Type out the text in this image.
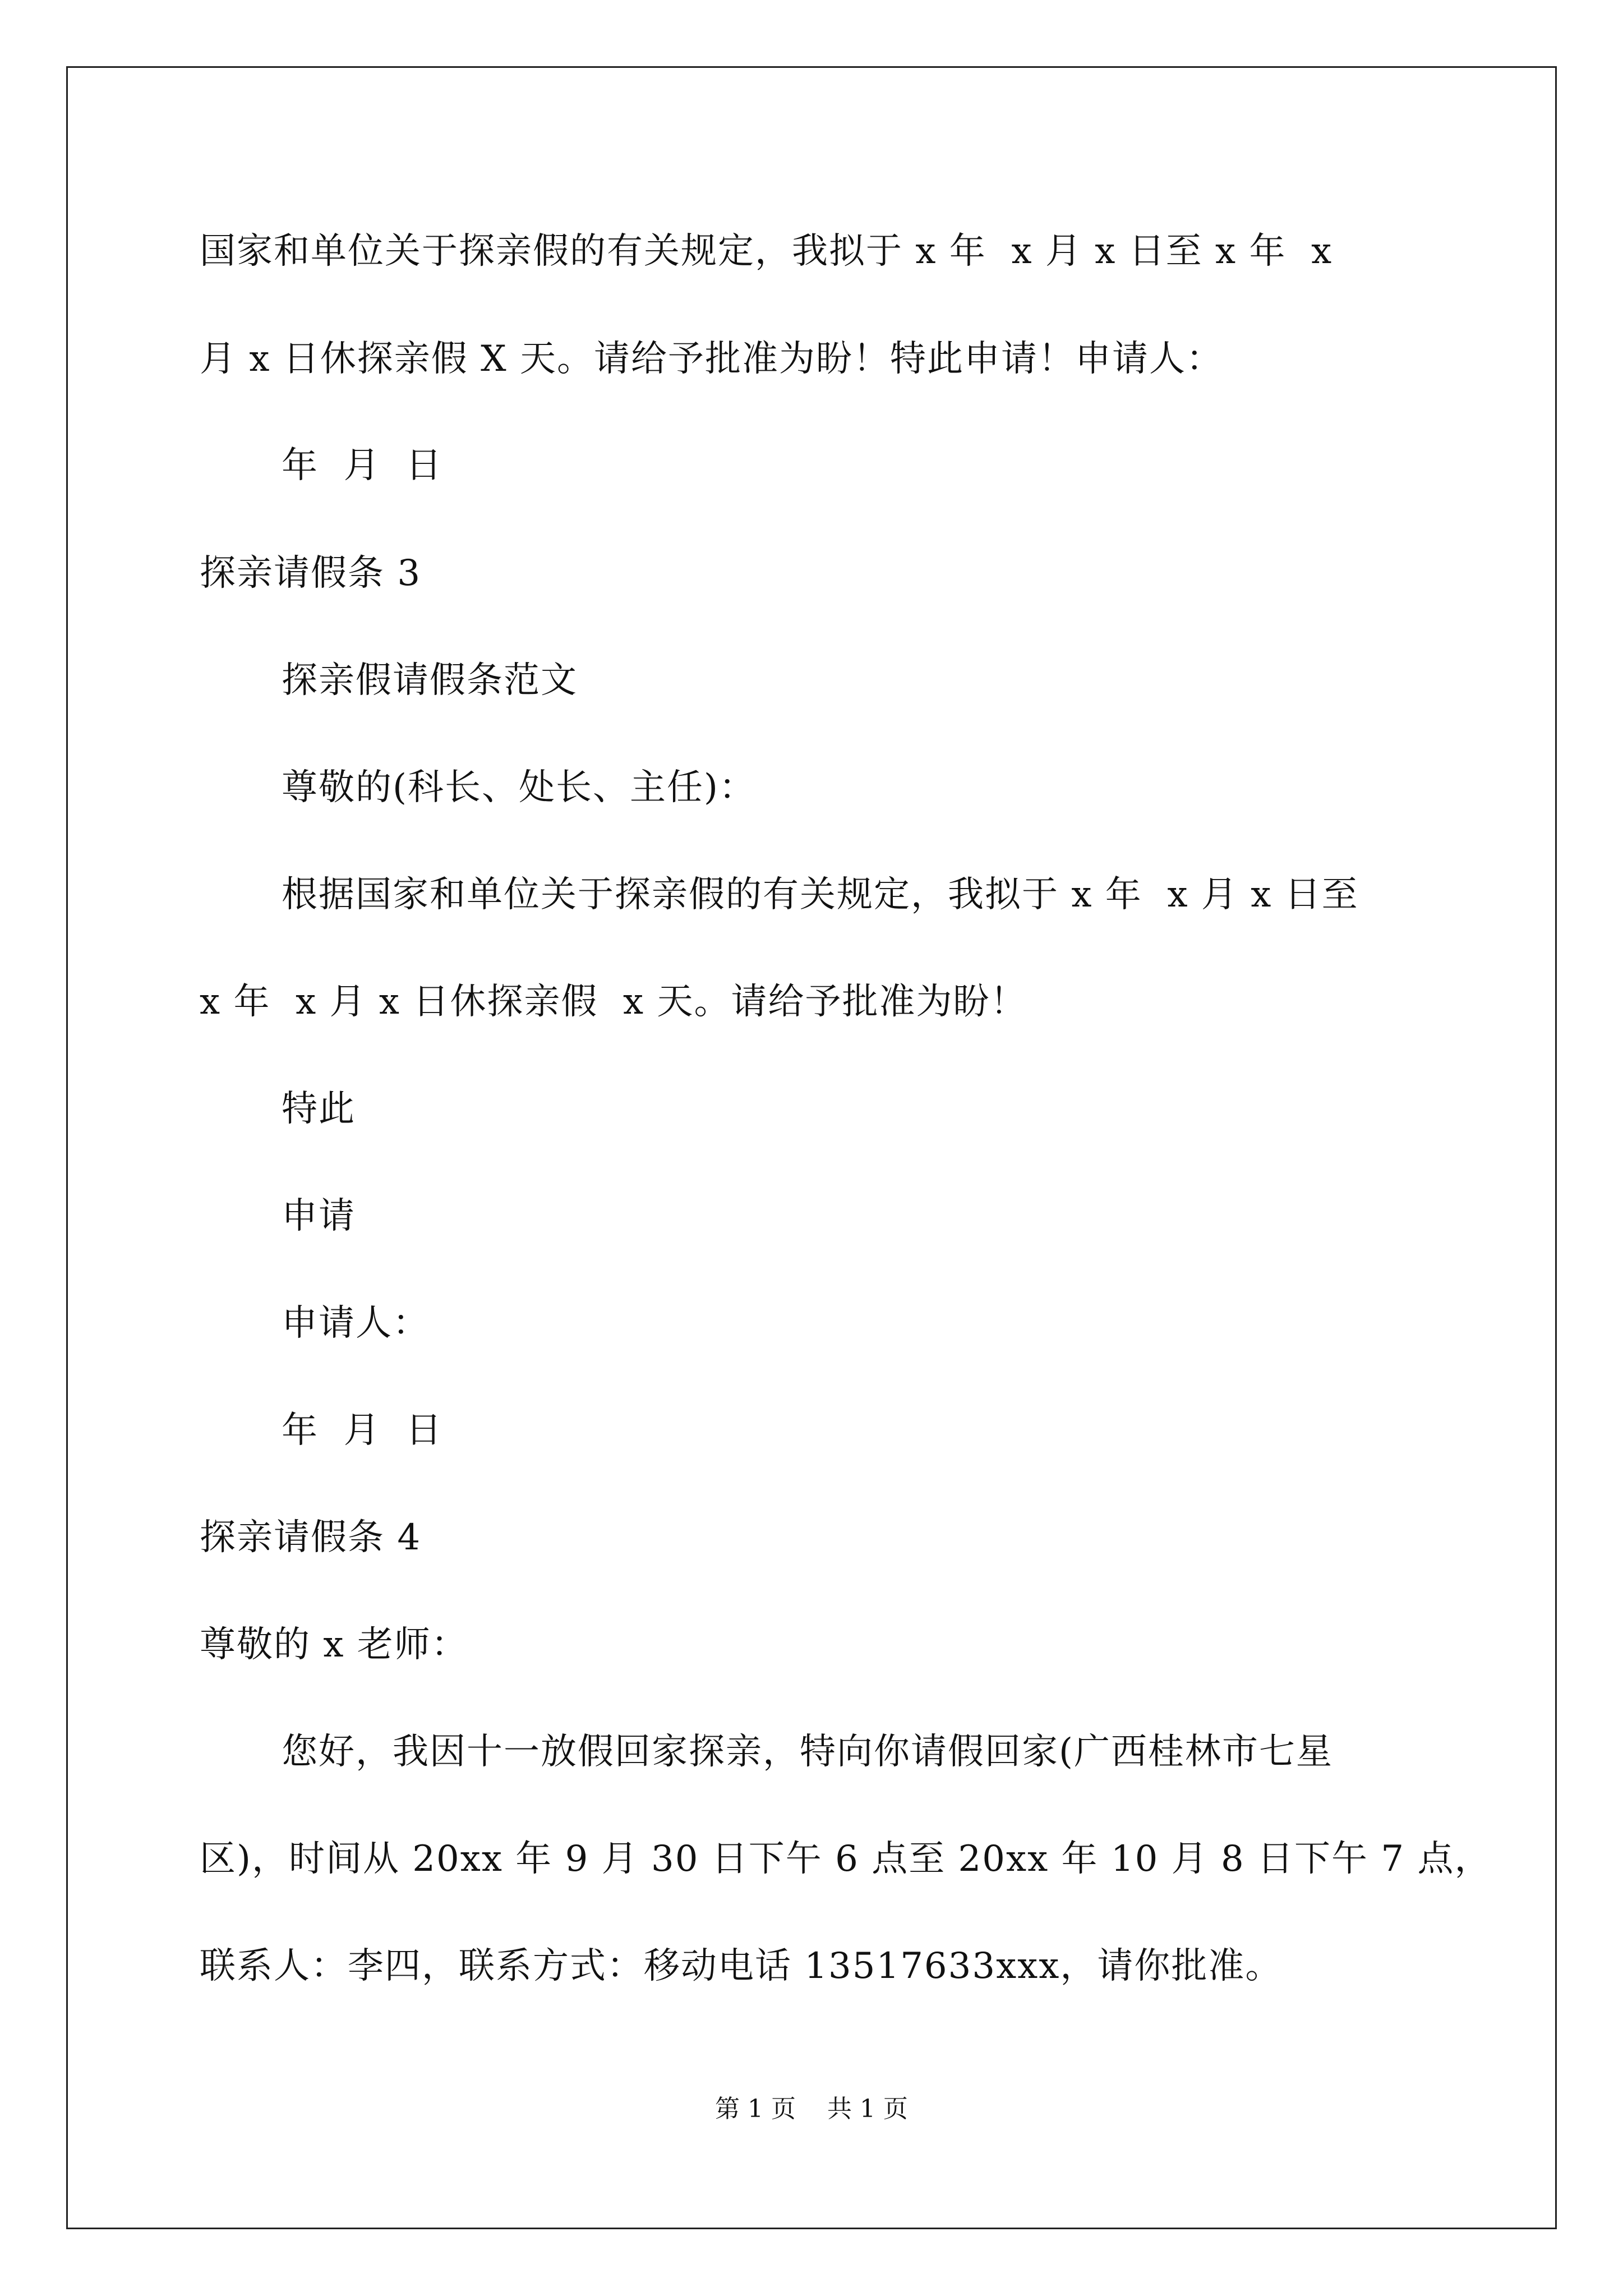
国家和单位关于探亲假的有关规定，我拟于 x 年  x 月 x 日至 x 年  x
月 x 日休探亲假 X 天。请给予批准为盼！特此申请！申请人：
年  月  日
探亲请假条 3
探亲假请假条范文
尊敬的(科长、处长、主任)：
根据国家和单位关于探亲假的有关规定，我拟于 x 年  x 月 x 日至
x 年  x 月 x 日休探亲假  x 天。请给予批准为盼！
特此
申请
申请人：
年  月  日
探亲请假条 4
尊敬的 x 老师：
您好，我因十一放假回家探亲，特向你请假回家(广西桂林市七星
区)，时间从 20xx 年 9 月 30 日下午 6 点至 20xx 年 10 月 8 日下午 7 点，
联系人：李四，联系方式：移动电话 13517633xxx，请你批准。
第 1 页    共 1 页
